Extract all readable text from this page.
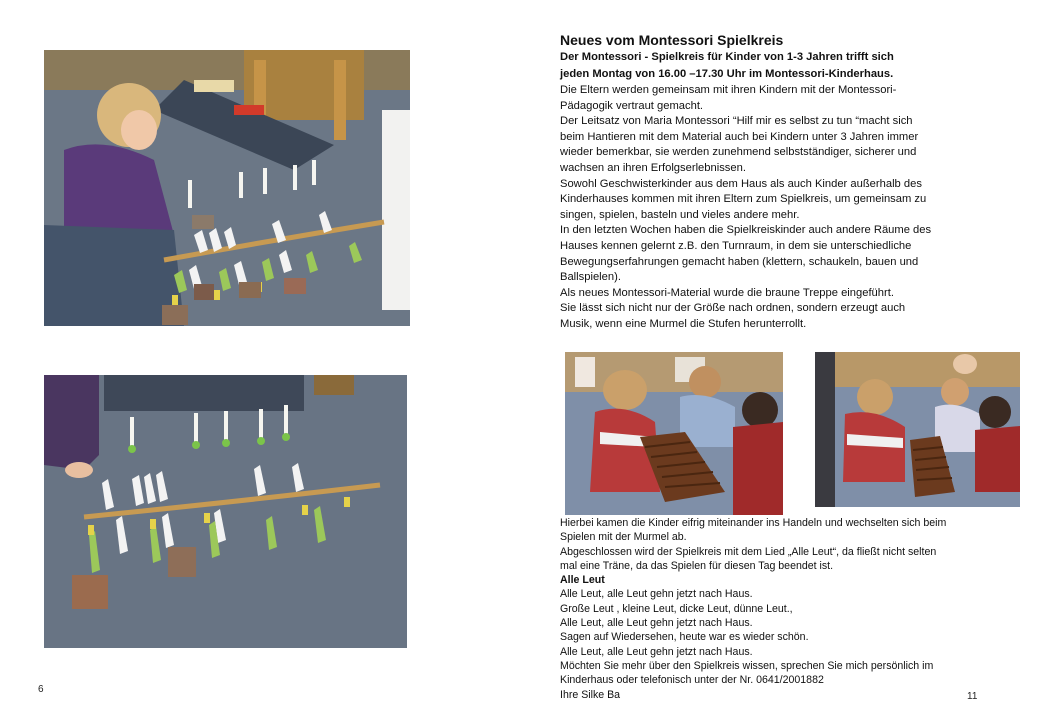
6
Neues vom Montessori Spielkreis

Der Montessori - Spielkreis für Kinder von 1-3 Jahren trifft sich

jeden Montag von 16.00 –17.30 Uhr im Montessori-Kinderhaus.

Die Eltern werden gemeinsam mit ihren Kindern mit der Montessori-

Pädagogik vertraut gemacht.

Der Leitsatz von Maria Montessori “Hilf mir es selbst zu tun “macht sich

beim Hantieren mit dem Material auch bei Kindern unter 3 Jahren immer

wieder bemerkbar, sie werden zunehmend selbstständiger, sicherer und

wachsen an ihren Erfolgserlebnissen.

Sowohl Geschwisterkinder aus dem Haus als auch Kinder außerhalb des

Kinderhauses kommen mit ihren Eltern zum Spielkreis, um gemeinsam zu

singen, spielen, basteln und vieles andere mehr.

In den letzten Wochen haben die Spielkreiskinder auch andere Räume des

Hauses kennen gelernt z.B. den Turnraum, in dem sie unterschiedliche

Bewegungserfahrungen gemacht haben (klettern, schaukeln, bauen und

Ballspielen).

Als neues Montessori-Material wurde die braune Treppe eingeführt.

Sie lässt sich nicht nur der Größe nach ordnen, sondern erzeugt auch

Musik, wenn eine Murmel die Stufen herunterrollt.

Hierbei kamen die Kinder eifrig miteinander ins Handeln und wechselten sich beim

Spielen mit der Murmel ab.

Abgeschlossen wird der Spielkreis mit dem Lied „Alle Leut“, da fließt nicht selten

mal eine Träne, da das Spielen für diesen Tag beendet ist.

Alle Leut

Alle Leut, alle Leut gehn jetzt nach Haus.

Große Leut , kleine Leut, dicke Leut, dünne Leut.,

Alle Leut, alle Leut gehn jetzt nach Haus.

Sagen auf Wiedersehen, heute war es wieder schön.

Alle Leut, alle Leut gehn jetzt nach Haus.

Möchten Sie mehr über den Spielkreis wissen, sprechen Sie mich persönlich im

Kinderhaus oder telefonisch unter der Nr. 0641/2001882

Ihre Silke Ba	11
